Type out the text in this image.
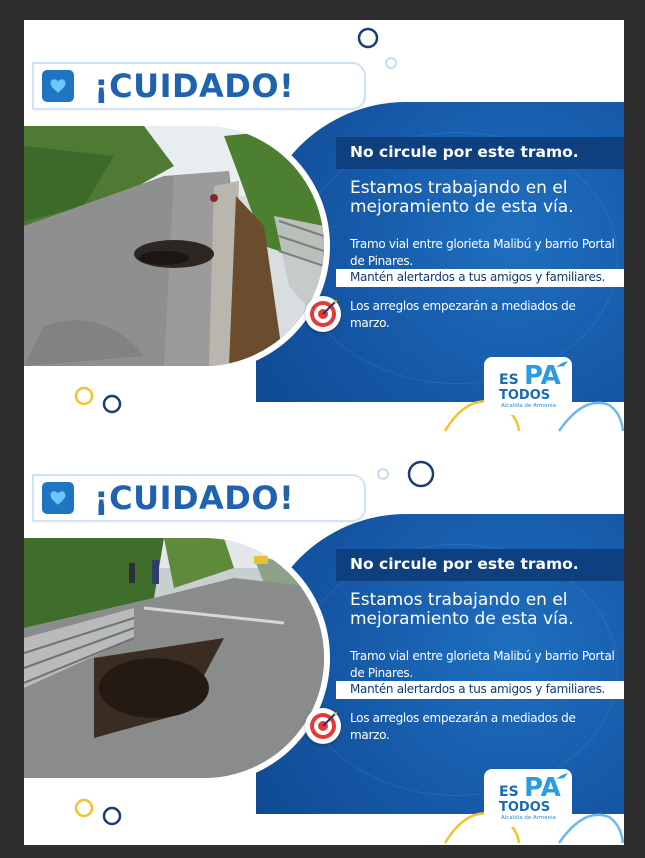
¡CUIDADO!
No circule por este tramo.
Estamos trabajando en el mejoramiento de esta vía.
Tramo vial entre glorieta Malibú y barrio Portal de Pinares.
Mantén alertardos a tus amigos y familiares.
Los arreglos empezarán a mediados de marzo.
ES PA
TODOS
Alcaldía de Armenia
¡CUIDADO!
No circule por este tramo.
Estamos trabajando en el mejoramiento de esta vía.
Tramo vial entre glorieta Malibú y barrio Portal de Pinares.
Mantén alertardos a tus amigos y familiares.
Los arreglos empezarán a mediados de marzo.
ES PA
TODOS
Alcaldía de Armenia
